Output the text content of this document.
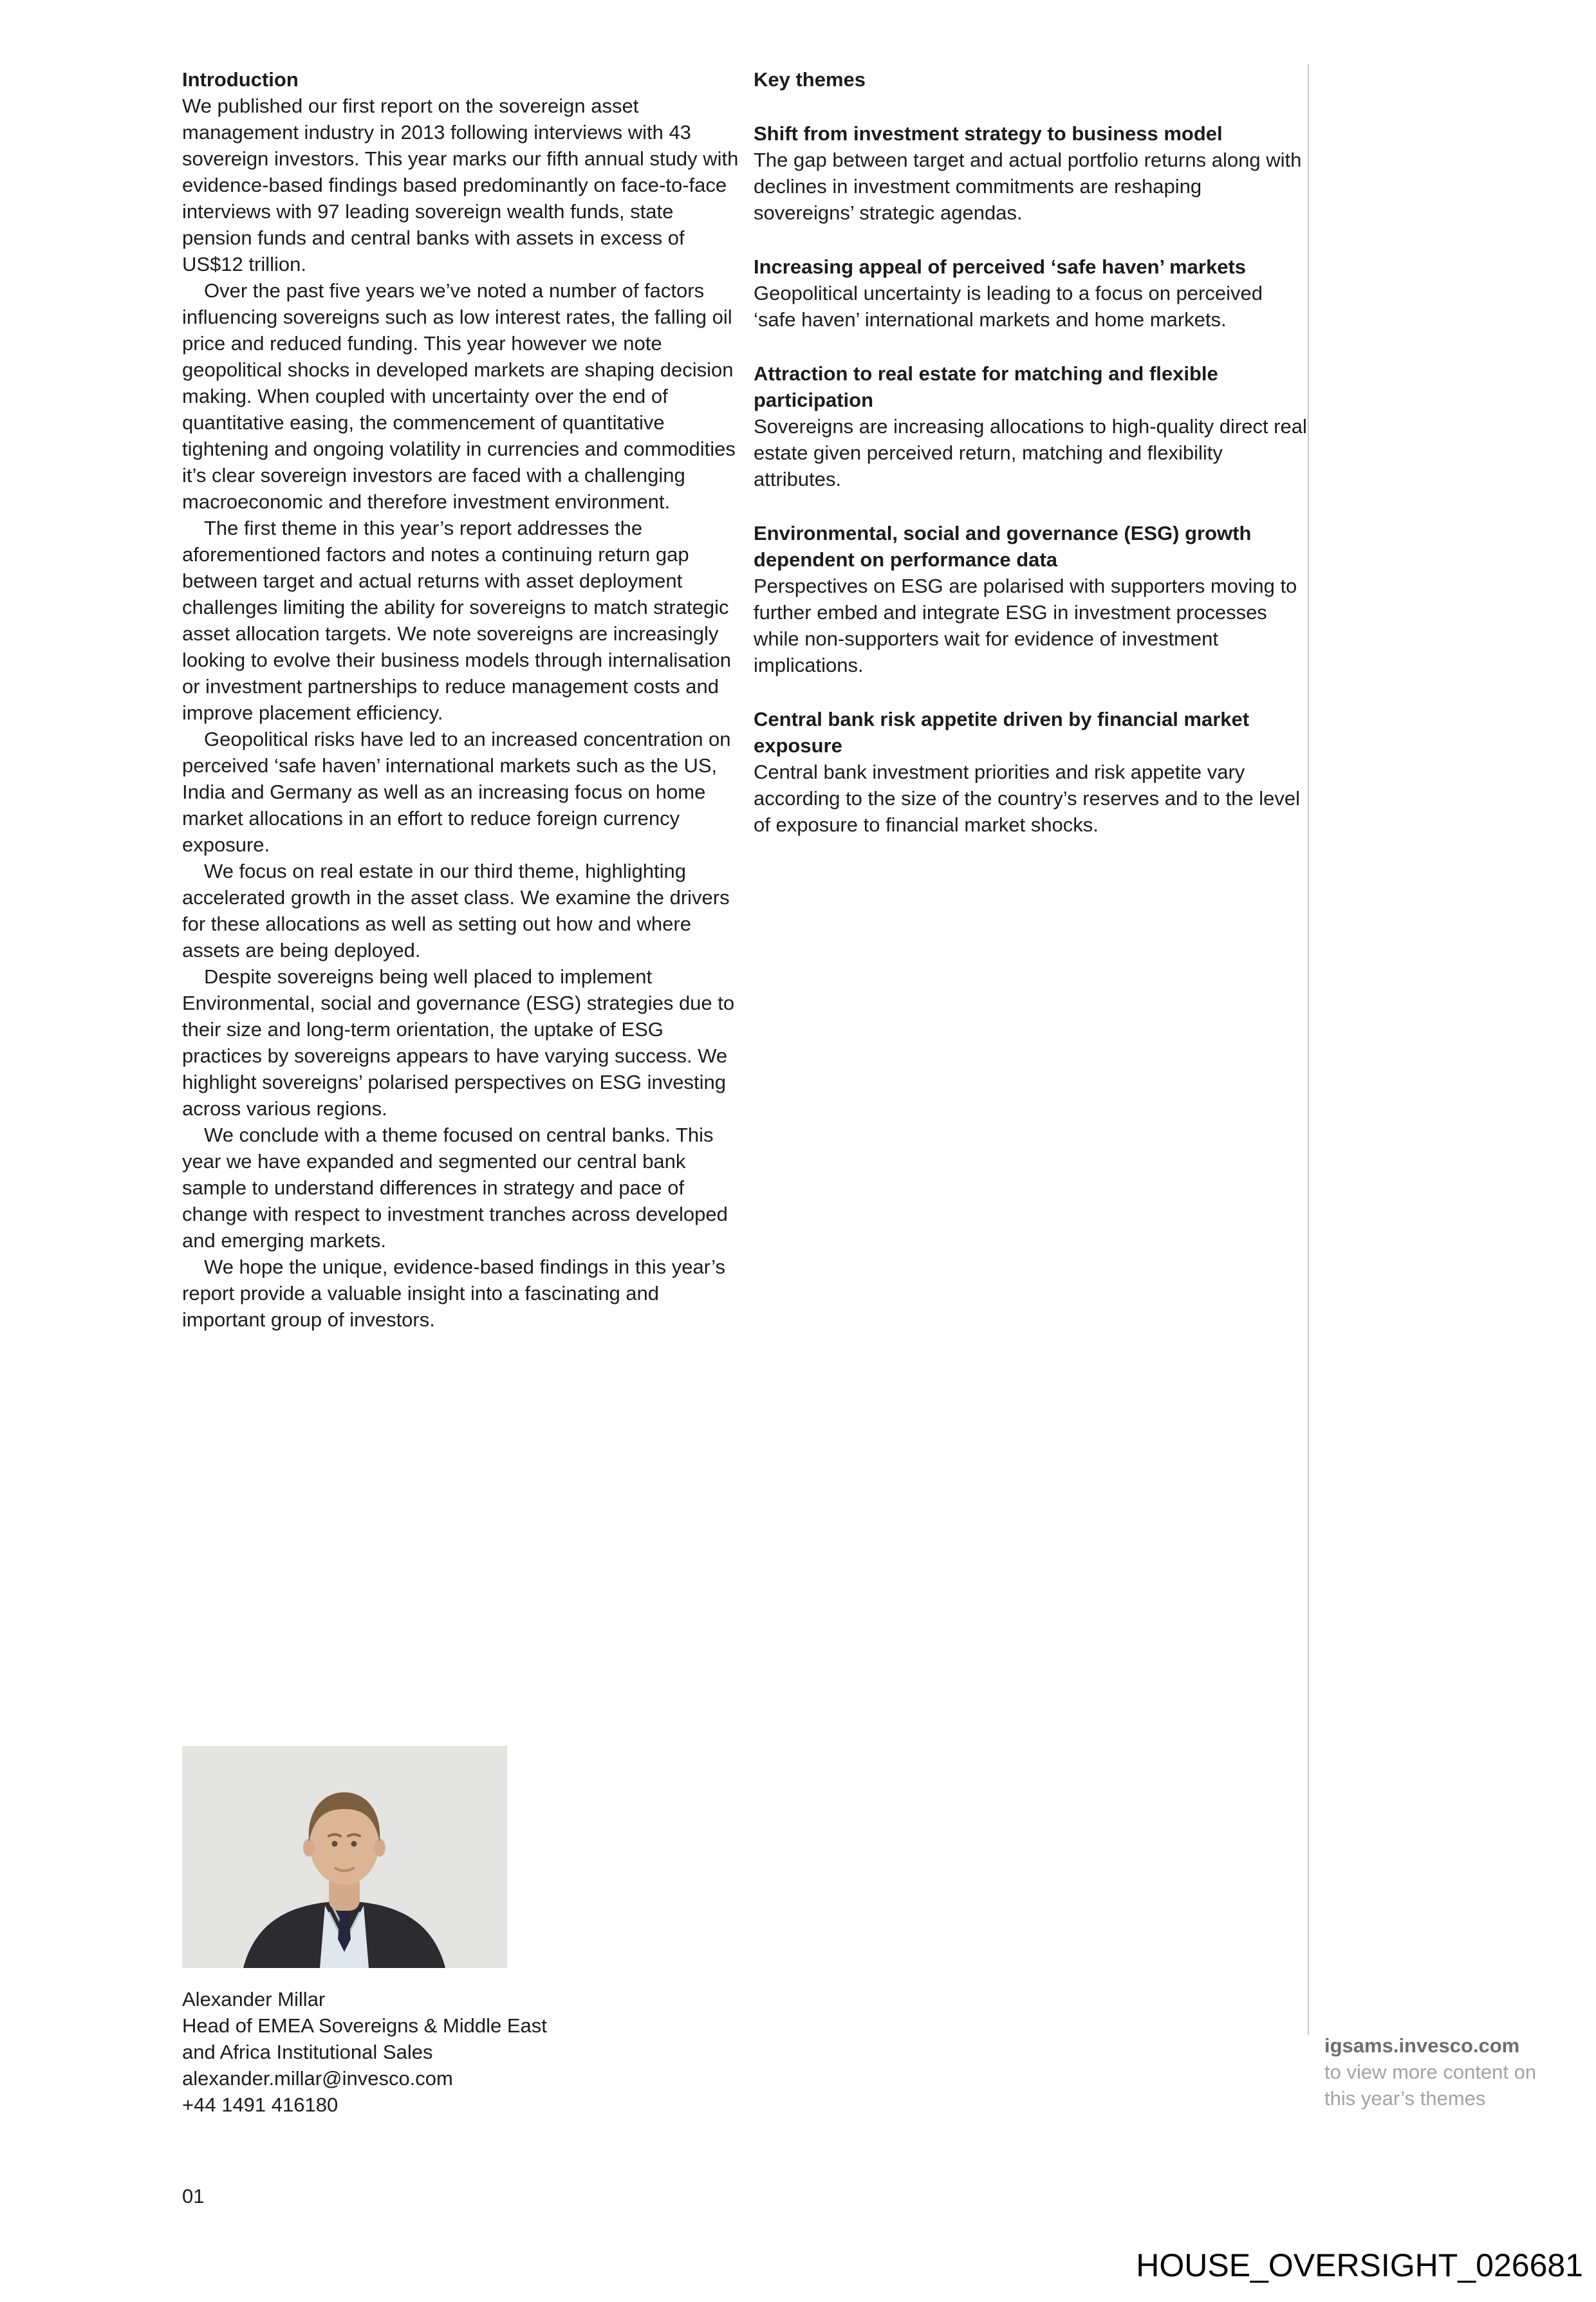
Introduction

We published our first report on the sovereign asset management industry in 2013 following interviews with 43 sovereign investors. This year marks our fifth annual study with evidence-based findings based predominantly on face-to-face interviews with 97 leading sovereign wealth funds, state pension funds and central banks with assets in excess of US$12 trillion.

Over the past five years we’ve noted a number of factors influencing sovereigns such as low interest rates, the falling oil price and reduced funding. This year however we note geopolitical shocks in developed markets are shaping decision making. When coupled with uncertainty over the end of quantitative easing, the commencement of quantitative tightening and ongoing volatility in currencies and commodities it’s clear sovereign investors are faced with a challenging macroeconomic and therefore investment environment.

The first theme in this year’s report addresses the aforementioned factors and notes a continuing return gap between target and actual returns with asset deployment challenges limiting the ability for sovereigns to match strategic asset allocation targets. We note sovereigns are increasingly looking to evolve their business models through internalisation or investment partnerships to reduce management costs and improve placement efficiency.

Geopolitical risks have led to an increased concentration on perceived ‘safe haven’ international markets such as the US, India and Germany as well as an increasing focus on home market allocations in an effort to reduce foreign currency exposure.

We focus on real estate in our third theme, highlighting accelerated growth in the asset class. We examine the drivers for these allocations as well as setting out how and where assets are being deployed.

Despite sovereigns being well placed to implement Environmental, social and governance (ESG) strategies due to their size and long-term orientation, the uptake of ESG practices by sovereigns appears to have varying success. We highlight sovereigns’ polarised perspectives on ESG investing across various regions.

We conclude with a theme focused on central banks. This year we have expanded and segmented our central bank sample to understand differences in strategy and pace of change with respect to investment tranches across developed and emerging markets.

We hope the unique, evidence-based findings in this year’s report provide a valuable insight into a fascinating and important group of investors.

Key themes
Shift from investment strategy to business model
The gap between target and actual portfolio returns along with declines in investment commitments are reshaping sovereigns’ strategic agendas.
Increasing appeal of perceived ‘safe haven’ markets
Geopolitical uncertainty is leading to a focus on perceived ‘safe haven’ international markets and home markets.
Attraction to real estate for matching and flexible participation
Sovereigns are increasing allocations to high-quality direct real estate given perceived return, matching and flexibility attributes.
Environmental, social and governance (ESG) growth dependent on performance data
Perspectives on ESG are polarised with supporters moving to further embed and integrate ESG in investment processes while non-supporters wait for evidence of investment implications.
Central bank risk appetite driven by financial market exposure
Central bank investment priorities and risk appetite vary according to the size of the country’s reserves and to the level of exposure to financial market shocks.
Alexander Millar
Head of EMEA Sovereigns & Middle East
and Africa Institutional Sales
alexander.millar@invesco.com
+44 1491 416180
01
igsams.invesco.com
to view more content on this year’s themes
HOUSE_OVERSIGHT_026681
